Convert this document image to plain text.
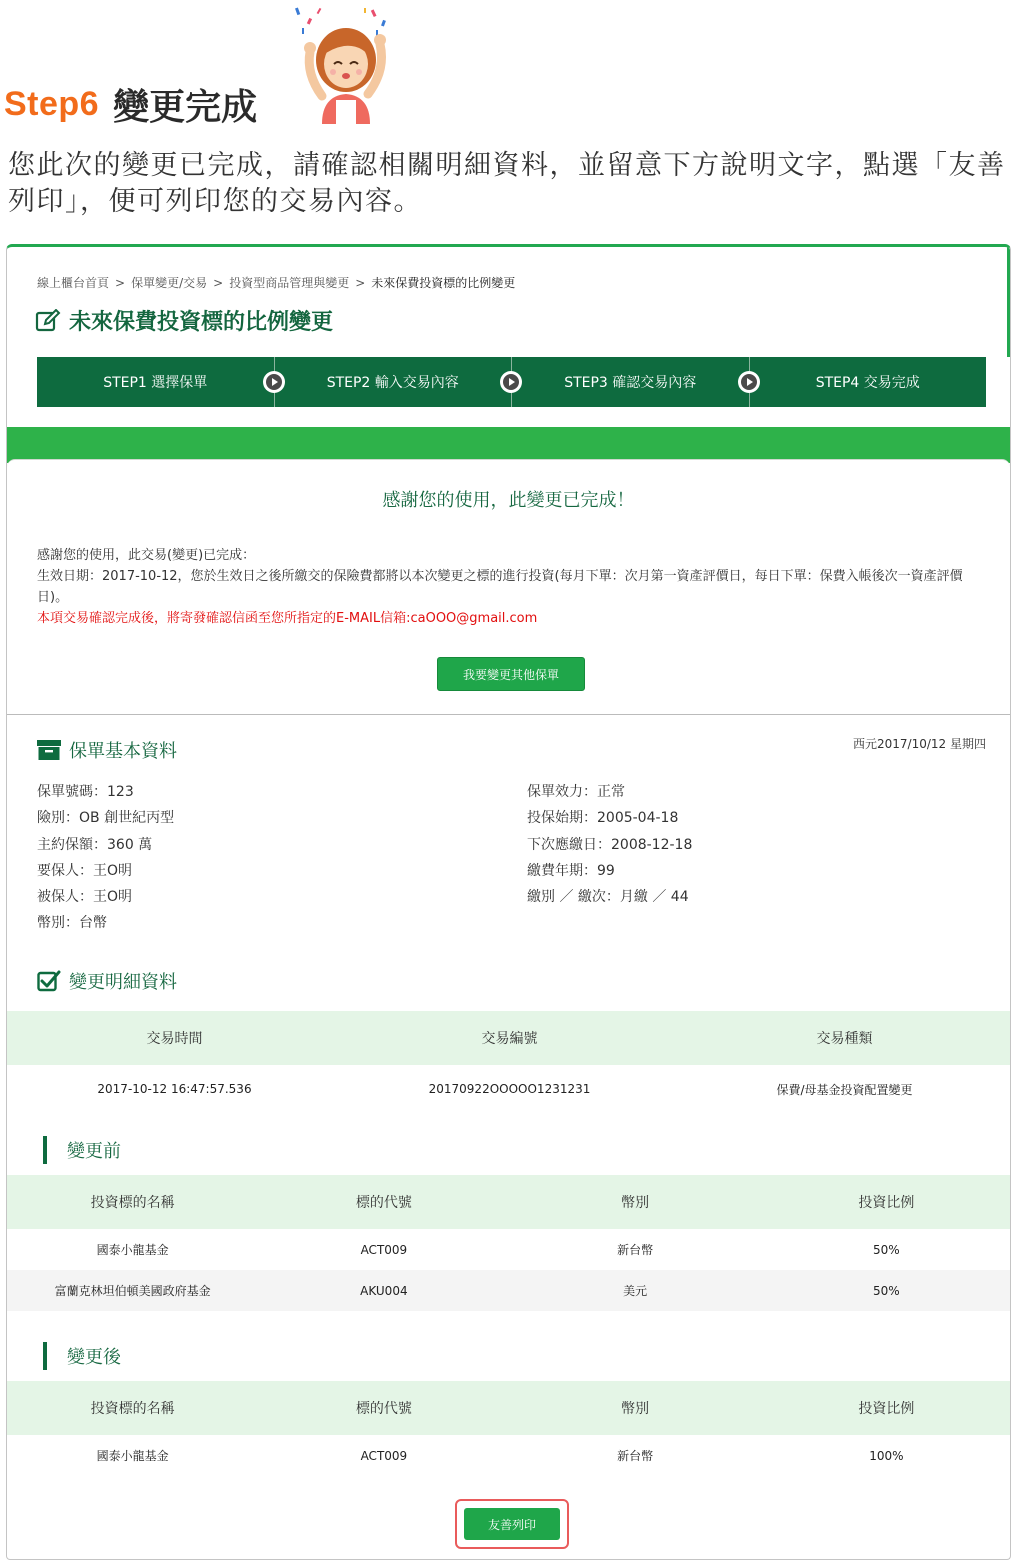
Step6 變更完成
您此次的變更已完成，請確認相關明細資料，並留意下方說明文字，點選「友善列印」，便可列印您的交易內容。
線上櫃台首頁 > 保單變更/交易 > 投資型商品管理與變更 > 未來保費投資標的比例變更
未來保費投資標的比例變更
STEP1 選擇保單	STEP2 輸入交易內容	STEP3 確認交易內容	STEP4 交易完成
感謝您的使用，此變更已完成！
感謝您的使用，此交易(變更)已完成：
生效日期：2017-10-12，您於生效日之後所繳交的保險費都將以本次變更之標的進行投資(每月下單：次月第一資產評價日，每日下單：保費入帳後次一資產評價日)。
本項交易確認完成後，將寄發確認信函至您所指定的E-MAIL信箱:caOOO@gmail.com
我要變更其他保單
保單基本資料	西元2017/10/12 星期四
保單號碼：123
險別：OB 創世紀丙型
主約保額：360 萬
要保人：王O明
被保人：王O明
幣別：台幣
保單效力：正常
投保始期：2005-04-18
下次應繳日：2008-12-18
繳費年期：99
繳別 ／ 繳次：月繳 ／ 44
變更明細資料
交易時間	交易編號	交易種類
2017-10-12 16:47:57.536	20170922OOOOO1231231	保費/母基金投資配置變更
變更前
投資標的名稱	標的代號	幣別	投資比例
國泰小龍基金	ACT009	新台幣	50%
富蘭克林坦伯頓美國政府基金	AKU004	美元	50%
變更後
投資標的名稱	標的代號	幣別	投資比例
國泰小龍基金	ACT009	新台幣	100%
友善列印
